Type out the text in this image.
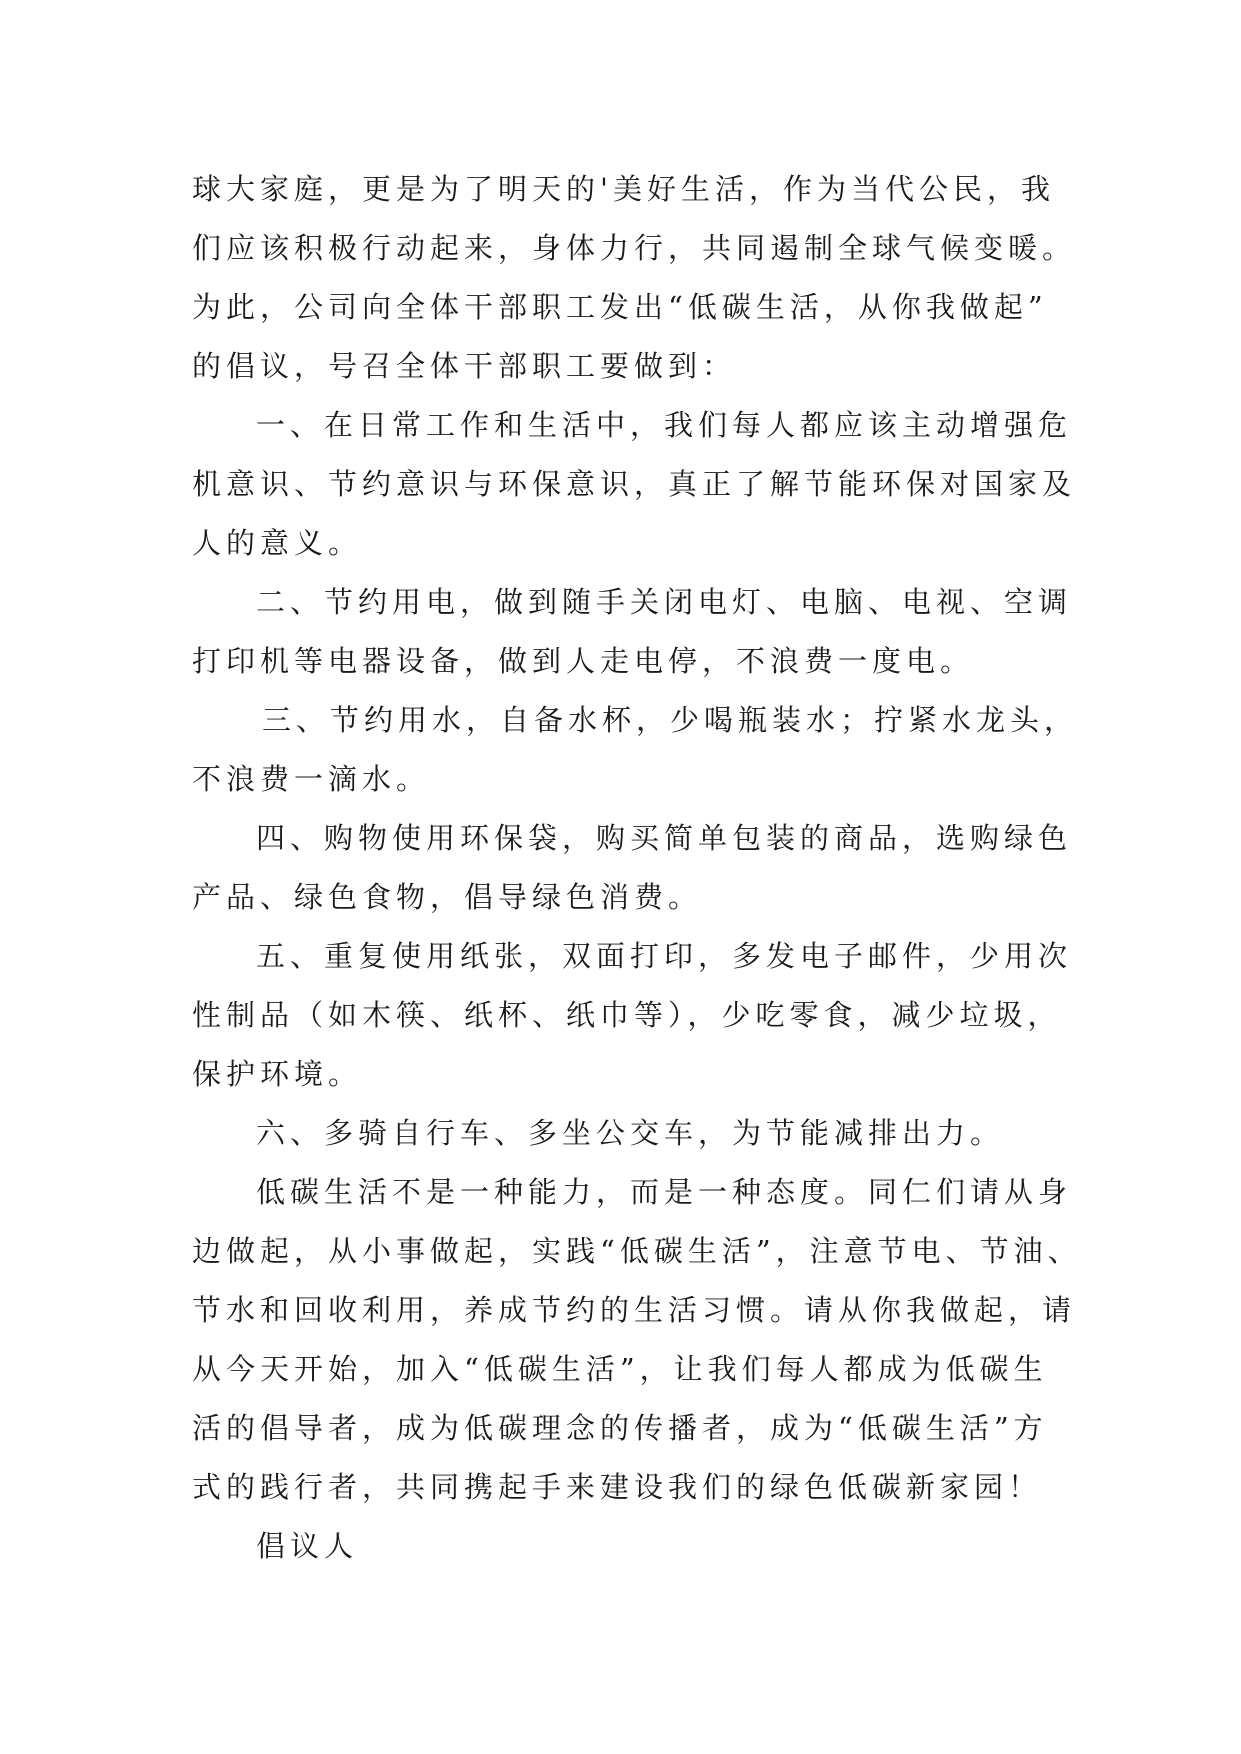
球大家庭，更是为了明天的'美好生活，作为当代公民，我
们应该积极行动起来，身体力行，共同遏制全球气候变暖。
为此，公司向全体干部职工发出“低碳生活，从你我做起”
的倡议，号召全体干部职工要做到：
一、在日常工作和生活中，我们每人都应该主动增强危
机意识、节约意识与环保意识，真正了解节能环保对国家及
人的意义。
二、节约用电，做到随手关闭电灯、电脑、电视、空调
打印机等电器设备，做到人走电停，不浪费一度电。
三、节约用水，自备水杯，少喝瓶装水；拧紧水龙头，
不浪费一滴水。
四、购物使用环保袋，购买简单包装的商品，选购绿色
产品、绿色食物，倡导绿色消费。
五、重复使用纸张，双面打印，多发电子邮件，少用次
性制品（如木筷、纸杯、纸巾等），少吃零食，减少垃圾，
保护环境。
六、多骑自行车、多坐公交车，为节能减排出力。
低碳生活不是一种能力，而是一种态度。同仁们请从身
边做起，从小事做起，实践“低碳生活”，注意节电、节油、
节水和回收利用，养成节约的生活习惯。请从你我做起，请
从今天开始，加入“低碳生活”，让我们每人都成为低碳生
活的倡导者，成为低碳理念的传播者，成为“低碳生活”方
式的践行者，共同携起手来建设我们的绿色低碳新家园！
倡议人
